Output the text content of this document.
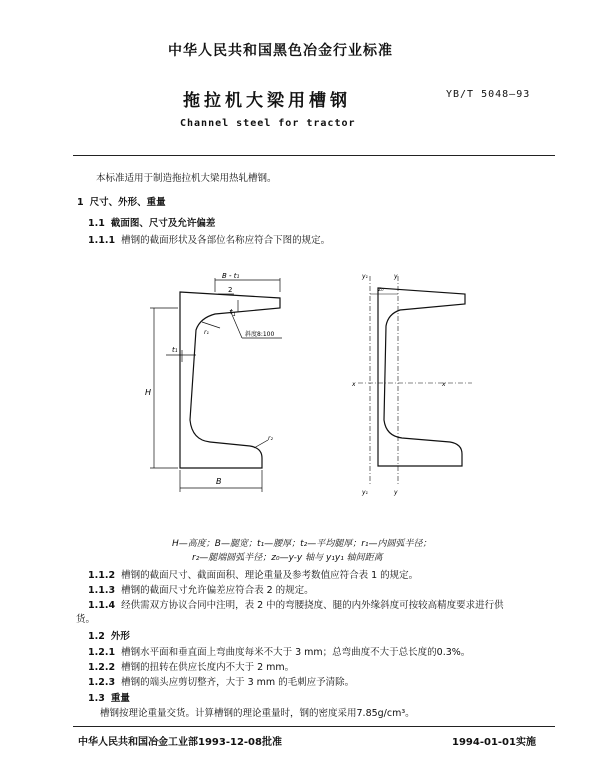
中华人民共和国黑色冶金行业标准
拖拉机大梁用槽钢	YB/T 5048—93
Channel steel for tractor
本标准适用于制造拖拉机大梁用热轧槽钢。
1 尺寸、外形、重量
1.1 截面图、尺寸及允许偏差
1.1.1 槽钢的截面形状及各部位名称应符合下图的规定。
B - t₁
2
$t_1$
r₁	斜度8:100
t₁
H
r₂
B
y₁	y
z₀
x	x
y₁	y
H—高度；B—腿宽；t₁—腰厚；t₂—平均腿厚；r₁—内圆弧半径；
r₂—腿端圆弧半径；z₀—y-y 轴与 y₁y₁ 轴间距离
1.1.2 槽钢的截面尺寸、截面面积、理论重量及参考数值应符合表 1 的规定。
1.1.3 槽钢的截面尺寸允许偏差应符合表 2 的规定。
1.1.4 经供需双方协议合同中注明，表 2 中的弯腰挠度、腿的内外缘斜度可按较高精度要求进行供
货。
1.2 外形
1.2.1 槽钢水平面和垂直面上弯曲度每米不大于 3 mm；总弯曲度不大于总长度的0.3%。
1.2.2 槽钢的扭转在供应长度内不大于 2 mm。
1.2.3 槽钢的端头应剪切整齐，大于 3 mm 的毛刺应予清除。
1.3 重量
槽钢按理论重量交货。计算槽钢的理论重量时，钢的密度采用7.85g/cm³。
中华人民共和国冶金工业部1993-12-08批准	1994-01-01实施
